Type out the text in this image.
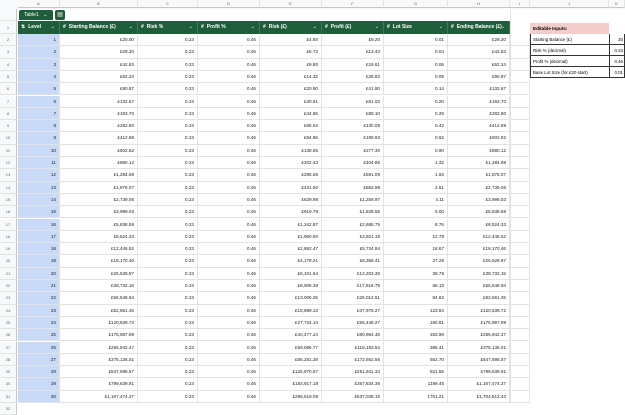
A	B	C	D	E	F	G	H	I	J	K
Table1 ⌄	▤
⇅ Level ⌄	# Starting Balance (£)	⌄	# Risk %	⌄	# Profit %	⌄	# Risk (£)	⌄	# Profit (£)	⌄	# Lot Size	⌄	# Ending Balance (£) ⌄
1
2
3
4
5
6
7
8
9
10
11
12
13
14
15
16
17
18
19
20
21
22
23
24
25
26
27
28
29
30
31
32
1	£20.00	0.23	0.46	£4.60	£9.20	0.01	£29.20
2	£29.20	0.23	0.46	£6.72	£13.43	0.04	£42.63
3	£42.63	0.23	0.46	£9.80	£19.61	0.06	£62.24
4	£62.24	0.23	0.46	£14.32	£28.63	0.09	£90.87
5	£90.87	0.23	0.46	£20.90	£41.80	0.14	£132.67
6	£132.67	0.23	0.46	£30.51	£61.03	0.20	£193.70
7	£193.70	0.23	0.46	£44.55	£89.10	0.29	£282.80
8	£282.80	0.23	0.46	£65.04	£130.09	0.42	£412.89
9	£412.89	0.23	0.46	£94.96	£189.93	0.62	£602.82
10	£602.82	0.23	0.46	£138.65	£277.30	0.90	£880.12
11	£880.12	0.23	0.46	£202.43	£404.86	1.32	£1,284.98
12	£1,284.98	0.23	0.46	£295.55	£591.09	1.93	£1,876.07
13	£1,876.07	0.23	0.46	£431.50	£862.99	2.81	£2,739.06
14	£2,739.06	0.23	0.46	£629.98	£1,259.97	4.11	£3,999.03
15	£3,999.03	0.23	0.46	£919.78	£1,839.55	6.00	£5,838.58
16	£5,838.58	0.23	0.46	£1,342.87	£2,685.75	8.76	£8,524.33
17	£8,524.33	0.23	0.46	£1,960.60	£3,921.19	12.79	£12,445.52
18	£12,445.52	0.23	0.46	£2,862.47	£5,724.94	18.67	£18,170.46
19	£18,170.46	0.23	0.46	£4,179.21	£8,358.41	27.26	£26,528.87
20	£26,528.87	0.23	0.46	£6,101.64	£12,203.28	39.79	£38,732.15
21	£38,732.15	0.23	0.46	£8,908.39	£17,816.79	58.10	£56,548.94
22	£56,548.94	0.23	0.46	£13,006.26	£26,012.51	84.82	£82,561.45
23	£82,561.45	0.23	0.46	£18,989.13	£37,978.27	123.84	£120,539.72
24	£120,539.72	0.23	0.46	£27,724.14	£55,448.27	180.81	£175,987.99
25	£175,987.99	0.23	0.46	£40,477.24	£80,954.48	263.98	£256,942.47
26	£256,942.47	0.23	0.46	£59,096.77	£118,193.54	385.41	£375,136.01
27	£375,136.01	0.23	0.46	£86,281.28	£172,562.56	562.70	£547,698.57
28	£547,698.57	0.23	0.46	£125,970.67	£251,941.34	821.55	£799,639.91
29	£799,639.91	0.23	0.46	£183,917.18	£367,834.36	1199.46	£1,167,474.27
30	£1,167,474.27	0.23	0.46	£268,519.08	£537,038.16	1751.21	£1,704,512.43
Editable Inputs:
Starting Balance (£)	20
Risk % (decimal)	0.23
Profit % (decimal)	0.46
Base Lot Size (for £20 start)	0.01
